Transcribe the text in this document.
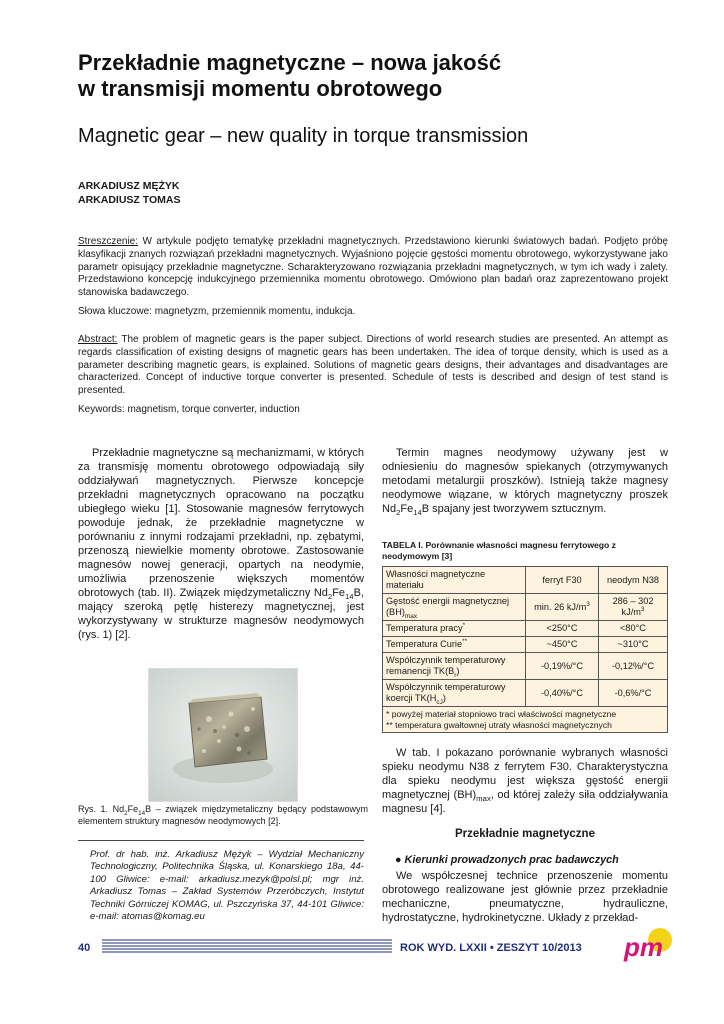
Przekładnie magnetyczne – nowa jakość
w transmisji momentu obrotowego
Magnetic gear – new quality in torque transmission
ARKADIUSZ MĘŻYK
ARKADIUSZ TOMAS
Streszczenie: W artykule podjęto tematykę przekładni magnetycznych. Przedstawiono kierunki światowych badań. Podjęto próbę klasyfikacji znanych rozwiązań przekładni magnetycznych. Wyjaśniono pojęcie gęstości momentu obrotowego, wykorzystywane jako parametr opisujący przekładnie magnetyczne. Scharakteryzowano rozwiązania przekładni magnetycznych, w tym ich wady i zalety. Przedstawiono koncepcję indukcyjnego przemiennika momentu obrotowego. Omówiono plan badań oraz zaprezentowano projekt stanowiska badawczego.
Słowa kluczowe: magnetyzm, przemiennik momentu, indukcja.
Abstract: The problem of magnetic gears is the paper subject. Directions of world research studies are presented. An attempt as regards classification of existing designs of magnetic gears has been undertaken. The idea of torque density, which is used as a parameter describing magnetic gears, is explained. Solutions of magnetic gears designs, their advantages and disadvantages are characterized. Concept of inductive torque converter is presented. Schedule of tests is described and design of test stand is presented.
Keywords: magnetism, torque converter, induction
Przekładnie magnetyczne są mechanizmami, w których za transmisję momentu obrotowego odpowiadają siły oddziaływań magnetycznych. Pierwsze koncepcje przekładni magnetycznych opracowano na początku ubiegłego wieku [1]. Stosowanie magnesów ferrytowych powoduje jednak, że przekładnie magnetyczne w porównaniu z innymi rodzajami przekładni, np. zębatymi, przenoszą niewielkie momenty obrotowe. Zastosowanie magnesów nowej generacji, opartych na neodymie, umożliwia przenoszenie większych momentów obrotowych (tab. II). Związek międzymetaliczny $Nd_2Fe_{14}B$, mający szeroką pętlę histerezy magnetycznej, jest wykorzystywany w strukturze magnesów neodymowych (rys. 1) [2].
Rys. 1. $Nd_2Fe_{14}B$ – związek międzymetaliczny będący podstawowym elementem struktury magnesów neodymowych [2].
Prof. dr hab. inż. Arkadiusz Mężyk – Wydział Mechaniczny Technologiczny, Politechnika Śląska, ul. Konarskiego 18a, 44-100 Gliwice: e-mail: arkadiusz.mezyk@polsl.pl; mgr inż. Arkadiusz Tomas – Zakład Systemów Przeróbczych, Instytut Techniki Górniczej KOMAG, ul. Pszczyńska 37, 44-101 Gliwice: e-mail: atomas@komag.eu
Termin magnes neodymowy używany jest w odniesieniu do magnesów spiekanych (otrzymywanych metodami metalurgii proszków). Istnieją także magnesy neodymowe wiązane, w których magnetyczny proszek $Nd_2Fe_{14}B$ spajany jest tworzywem sztucznym.
TABELA I. Porównanie własności magnesu ferrytowego z neodymowym [3]
Własności magnetyczne materiału	ferryt F30	neodym N38
Gęstość energii magnetycznej $(BH)_{max}$	min. 26 $kJ/m^3$	286 – 302 $kJ/m^3$
Temperatura pracy*	<250°C	<80°C
Temperatura Curie**	~450°C	~310°C
Współczynnik temperaturowy remanencji $TK(B_r)$	-0,19%/°C	-0,12%/°C
Współczynnik temperaturowy koercji $TK(H_{cJ})$	-0,40%/°C	-0,6%/°C

* powyżej materiał stopniowo traci właściwości magnetyczne
** temperatura gwałtownej utraty własności magnetycznych		
W tab. I pokazano porównanie wybranych własności spieku neodymu N38 z ferrytem F30. Charakterystyczna dla spieku neodymu jest większa gęstość energii magnetycznej $(BH)_{max}$, od której zależy siła oddziaływania magnesu [4].
Przekładnie magnetyczne
● Kierunki prowadzonych prac badawczych
We współczesnej technice przenoszenie momentu obrotowego realizowane jest głównie przez przekładnie mechaniczne, pneumatyczne, hydrauliczne, hydrostatyczne, hydrokinetyczne. Układy z przekład-
40	ROK WYD. LXXII • ZESZYT 10/2013 pm
